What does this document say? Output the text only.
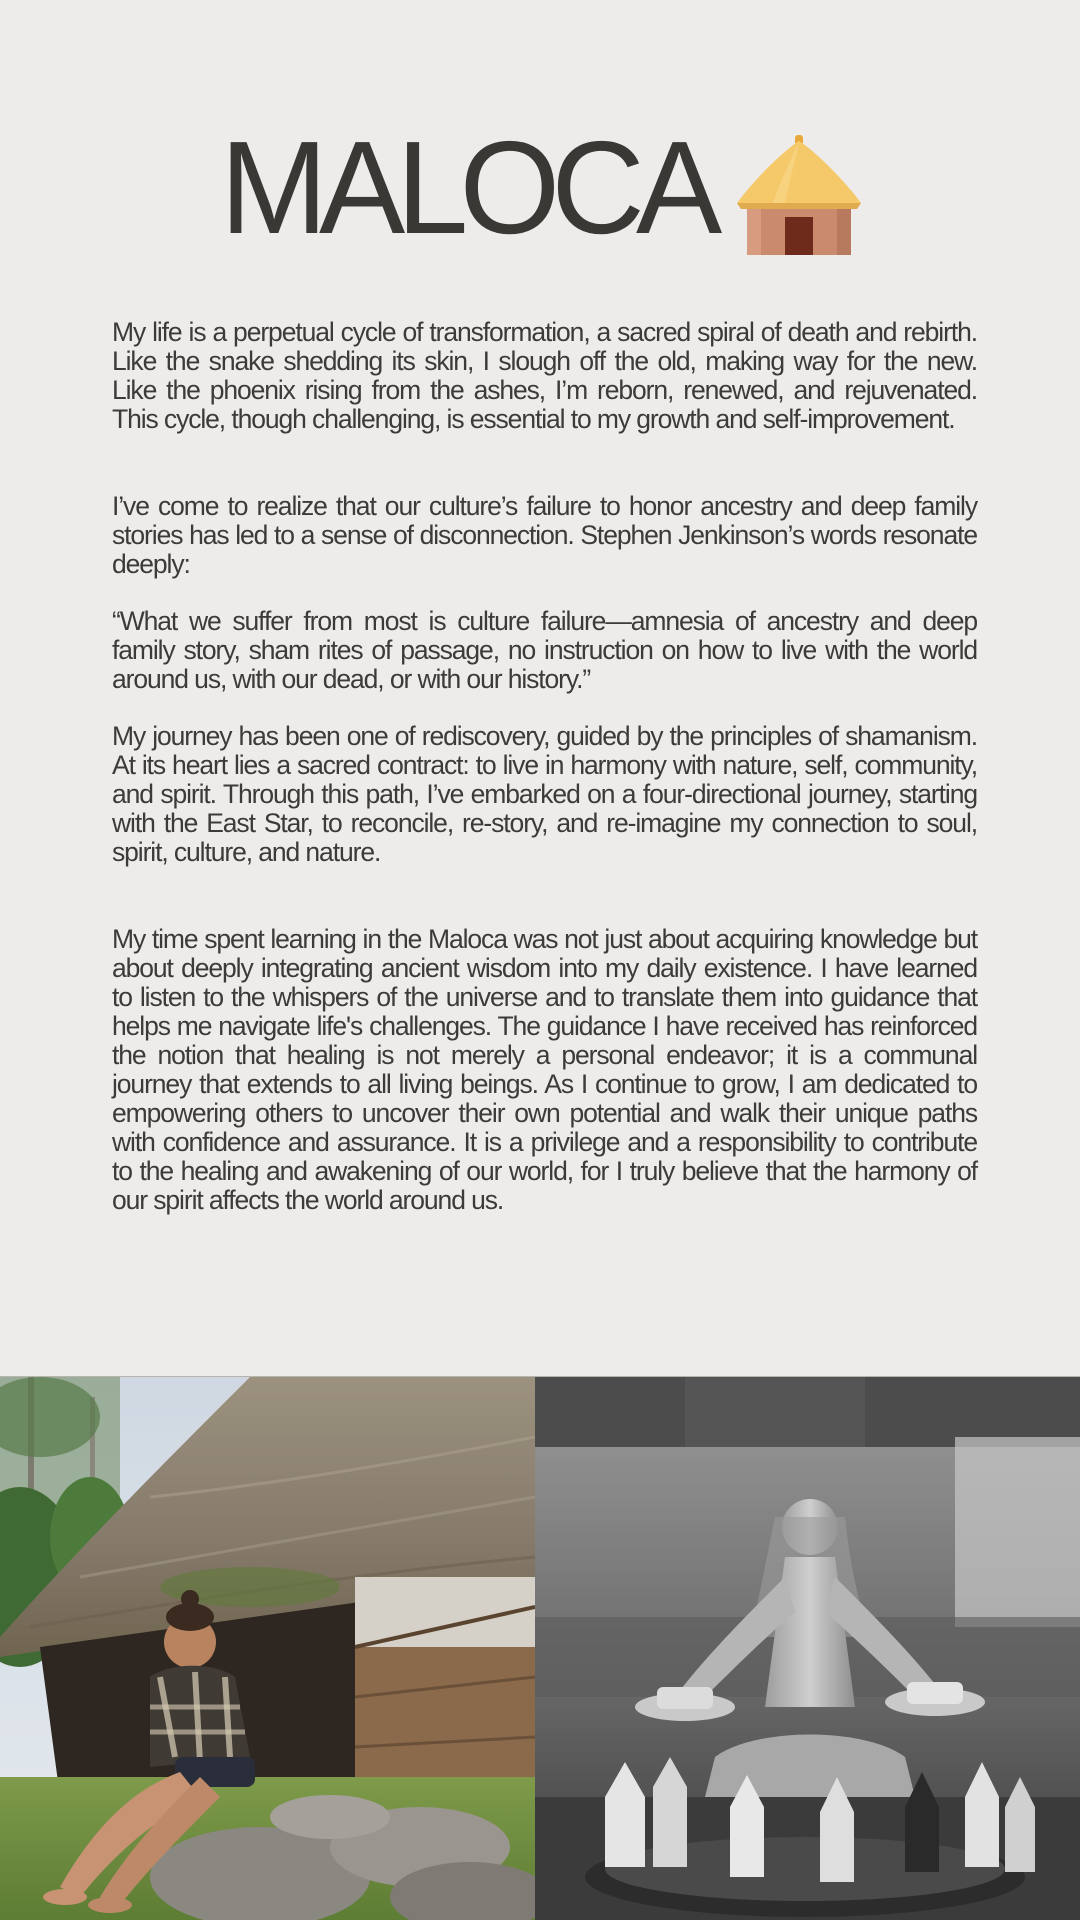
MALOCA

My life is a perpetual cycle of transformation, a sacred spiral of death and rebirth. Like the snake shedding its skin, I slough off the old, making way for the new. Like the phoenix rising from the ashes, I’m reborn, renewed, and rejuvenated. This cycle, though challenging, is essential to my growth and self-improvement.

I’ve come to realize that our culture’s failure to honor ancestry and deep family stories has led to a sense of disconnection. Stephen Jenkinson’s words resonate deeply:

“What we suffer from most is culture failure—amnesia of ancestry and deep family story, sham rites of passage, no instruction on how to live with the world around us, with our dead, or with our history.”

My journey has been one of rediscovery, guided by the principles of shamanism. At its heart lies a sacred contract: to live in harmony with nature, self, community, and spirit. Through this path, I’ve embarked on a four-directional journey, starting with the East Star, to reconcile, re-story, and re-imagine my connection to soul, spirit, culture, and nature.

My time spent learning in the Maloca was not just about acquiring knowledge but about deeply integrating ancient wisdom into my daily existence. I have learned to listen to the whispers of the universe and to translate them into guidance that helps me navigate life's challenges. The guidance I have received has reinforced the notion that healing is not merely a personal endeavor; it is a communal journey that extends to all living beings. As I continue to grow, I am dedicated to empowering others to uncover their own potential and walk their unique paths with confidence and assurance. It is a privilege and a responsibility to contribute to the healing and awakening of our world, for I truly believe that the harmony of our spirit affects the world around us.
